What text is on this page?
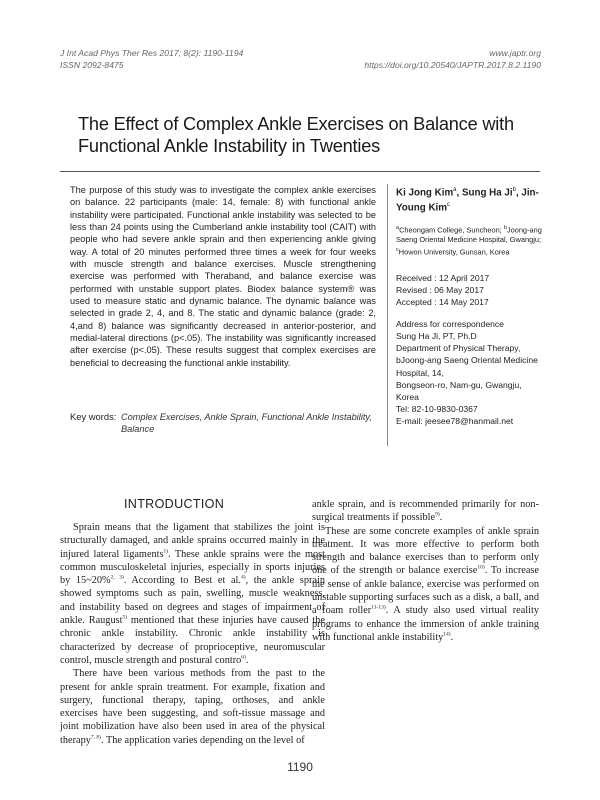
J Int Acad Phys Ther Res 2017; 8(2): 1190-1194
ISSN 2092-8475
www.japtr.org
https://doi.org/10.20540/JAPTR.2017.8.2.1190
The Effect of Complex Ankle Exercises on Balance with
Functional Ankle Instability in Twenties
The purpose of this study was to investigate the complex ankle exercises on balance. 22 participants (male: 14, female: 8) with functional ankle instability were participated. Functional ankle instability was selected to be less than 24 points using the Cumberland ankle instability tool (CAIT) with people who had severe ankle sprain and then experiencing ankle giving way. A total of 20 minutes performed three times a week for four weeks with muscle strength and balance exercises. Muscle strengthening exercise was performed with Theraband, and balance exercise was performed with unstable support plates. Biodex balance system® was used to measure static and dynamic balance. The dynamic balance was selected in grade 2, 4, and 8. The static and dynamic balance (grade: 2, 4,and 8) balance was significantly decreased in anterior-posterior, and medial-lateral directions (p<.05). The instability was significantly increased after exercise (p<.05). These results suggest that complex exercises are beneficial to decreasing the functional ankle instability.
Key words: Complex Exercises, Ankle Sprain, Functional Ankle Instability, Balance
Ki Jong Kim$^a$, Sung Ha Ji$^b$, Jin-Young Kim$^c$
$^a$Cheongam College, Suncheon; $^b$Joong-ang Saeng Oriental Medicine Hospital, Gwangju;
$^c$Howon University, Gunsan, Korea
Received : 12 April 2017
Revised : 06 May 2017
Accepted : 14 May 2017
Address for correspondence
Sung Ha Ji, PT, Ph.D
Department of Physical Therapy,
bJoong-ang Saeng Oriental Medicine Hospital, 14,
Bongseon-ro, Nam-gu, Gwangju, Korea
Tel: 82-10-9830-0367
E-mail: jeesee78@hanmail.net
INTRODUCTION

Sprain means that the ligament that stabilizes the joint is structurally damaged, and ankle sprains occurred mainly in the injured lateral ligaments$^{1)}$. These ankle sprains were the most common musculoskeletal injuries, especially in sports injuries by 15~20%$^{2, 3)}$. According to Best et al.$^{4)}$, the ankle sprain showed symptoms such as pain, swelling, muscle weakness, and instability based on degrees and stages of impairment of ankle. Raugust$^{5)}$ mentioned that these injuries have caused the chronic ankle instability. Chronic ankle instability is characterized by decrease of proprioceptive, neuromuscular control, muscle strength and postural contro$^{6)}$.

There have been various methods from the past to the present for ankle sprain treatment. For example, fixation and surgery, functional therapy, taping, orthoses, and ankle exercises have been suggesting, and soft-tissue massage and joint mobilization have also been used in area of the physical therapy$^{7, 8)}$. The application varies depending on the level of

ankle sprain, and is recommended primarily for non-surgical treatments if possible$^{9)}$.

These are some concrete examples of ankle sprain treatment. It was more effective to perform both strength and balance exercises than to perform only one of the strength or balance exercise$^{10)}$. To increase the sense of ankle balance, exercise was performed on unstable supporting surfaces such as a disk, a ball, and a foam roller$^{11-13)}$. A study also used virtual reality programs to enhance the immersion of ankle training with functional ankle instability$^{14)}$.

1190
